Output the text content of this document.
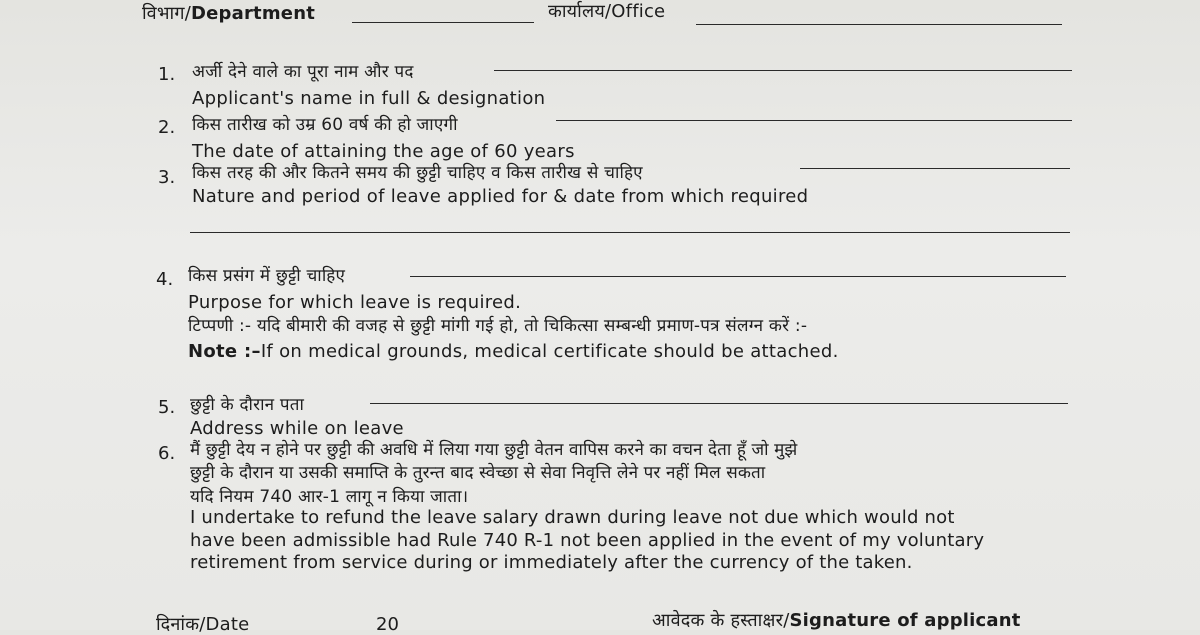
विभाग/Department	कार्यालय/Office
1. अर्जी देने वाले का पूरा नाम और पद
Applicant's name in full & designation
2. किस तारीख को उम्र 60 वर्ष की हो जाएगी
The date of attaining the age of 60 years
3. किस तरह की और कितने समय की छुट्टी चाहिए व किस तारीख से चाहिए
Nature and period of leave applied for & date from which required
4. किस प्रसंग में छुट्टी चाहिए
Purpose for which leave is required.
टिप्पणी :- यदि बीमारी की वजह से छुट्टी मांगी गई हो, तो चिकित्सा सम्बन्धी प्रमाण-पत्र संलग्न करें :-
Note :–If on medical grounds, medical certificate should be attached.
5. छुट्टी के दौरान पता
Address while on leave
6. मैं छुट्टी देय न होने पर छुट्टी की अवधि में लिया गया छुट्टी वेतन वापिस करने का वचन देता हूँ जो मुझे
छुट्टी के दौरान या उसकी समाप्ति के तुरन्त बाद स्वेच्छा से सेवा निवृत्ति लेने पर नहीं मिल सकता
यदि नियम 740 आर-1 लागू न किया जाता।
I undertake to refund the leave salary drawn during leave not due which would not
have been admissible had Rule 740 R-1 not been applied in the event of my voluntary
retirement from service during or immediately after the currency of the taken.
दिनांक/Date	20	आवेदक के हस्ताक्षर/Signature of applicant
